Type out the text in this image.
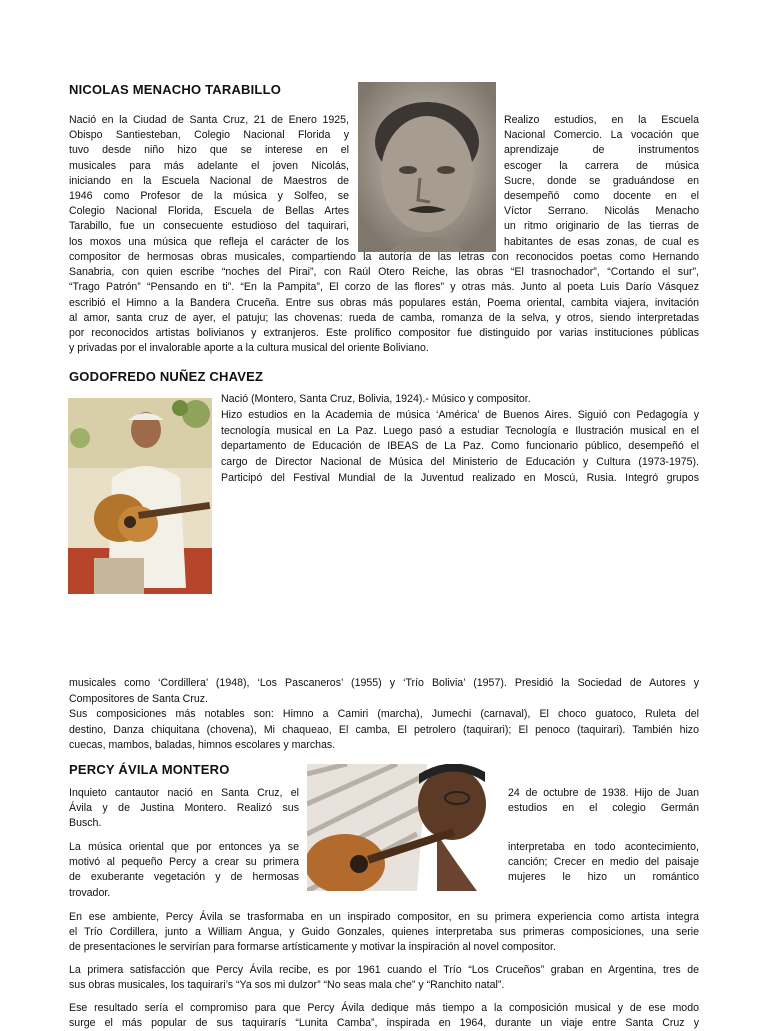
NICOLAS MENACHO TARABILLO
Nació en la Ciudad de Santa Cruz, 21 de Enero 1925,
Obispo Santiesteban, Colegio Nacional Florida y
tuvo desde niño hizo que se interese en el
musicales para más adelante el joven Nicolás,
iniciando en la Escuela Nacional de Maestros de
1946 como Profesor de la música y Solfeo, se
Colegio Nacional Florida, Escuela de Bellas Artes
Tarabillo, fue un consecuente estudioso del taquirari,
los moxos una música que refleja el carácter de los
Realizo estudios, en la Escuela
Nacional Comercio. La vocación que
aprendizaje de instrumentos
escoger la carrera de música
Sucre, donde se graduándose en
desempeñó como docente en el
Víctor Serrano. Nicolás Menacho
un ritmo originario de las tierras de
habitantes de esas zonas, de cual es
compositor de hermosas obras musicales, compartiendo la autoría de las letras con reconocidos poetas como Hernando
Sanabria, con quien escribe “noches del Pirai”, con Raúl Otero Reiche, las obras “El trasnochador”, “Cortando el sur”,
“Trago Patrón” “Pensando en ti”. “En la Pampita”, El corzo de las flores” y otras más. Junto al poeta Luis Darío Vásquez
escribió el Himno a la Bandera Cruceña. Entre sus obras más populares están, Poema oriental, cambita viajera, invitación
al amor, santa cruz de ayer, el patuju; las chovenas: rueda de camba, romanza de la selva, y otros, siendo interpretadas
por reconocidos artistas bolivianos y extranjeros. Este prolífico compositor fue distinguido por varias instituciones públicas
y privadas por el invalorable aporte a la cultura musical del oriente Boliviano.
GODOFREDO NUÑEZ CHAVEZ
Nació (Montero, Santa Cruz, Bolivia, 1924).- Músico y compositor.
Hizo estudios en la Academia de música ‘América’ de Buenos Aires. Siguió con Pedagogía y
tecnología musical en La Paz. Luego pasó a estudiar Tecnología e Ilustración musical en el
departamento de Educación de IBEAS de La Paz. Como funcionario público, desempeñó el
cargo de Director Nacional de Música del Ministerio de Educación y Cultura (1973-1975).
Participó del Festival Mundial de la Juventud realizado en Moscú, Rusia. Integró grupos
musicales como ‘Cordillera’ (1948), ‘Los Pascaneros’ (1955) y ‘Trío Bolivia’ (1957). Presidió la Sociedad de Autores y
Compositores de Santa Cruz.
Sus composiciones más notables son: Himno a Camiri (marcha), Jumechi (carnaval), El choco guatoco, Ruleta del
destino, Danza chiquitana (chovena), Mi chaqueao, El camba, El petrolero (taquirari); El penoco (taquirari). También hizo
cuecas, mambos, baladas, himnos escolares y marchas.
PERCY ÁVILA MONTERO
Inquieto cantautor nació en Santa Cruz, el
Ávila y de Justina Montero. Realizó sus
Busch.
24 de octubre de 1938. Hijo de Juan
estudios en el colegio Germán
La música oriental que por entonces ya se
motivó al pequeño Percy a crear su primera
de exuberante vegetación y de hermosas
trovador.
interpretaba en todo acontecimiento,
canción; Crecer en medio del paisaje
mujeres le hizo un romántico
En ese ambiente, Percy Ávila se trasformaba en un inspirado compositor, en su primera experiencia como artista integra
el Trío Cordillera, junto a William Angua, y Guido Gonzales, quienes interpretaba sus primeras composiciones, una serie
de presentaciones le servirían para formarse artísticamente y motivar la inspiración al novel compositor.
La primera satisfacción que Percy Ávila recibe, es por 1961 cuando el Trío “Los Cruceños” graban en Argentina, tres de
sus obras musicales, los taquirari’s “Ya sos mi dulzor” “No seas mala che” y “Ranchito natal”.
Ese resultado sería el compromiso para que Percy Ávila dedique más tiempo a la composición musical y de ese modo
surge el más popular de sus taquirarís “Lunita Camba”, inspirada en 1964, durante un viaje entre Santa Cruz y
